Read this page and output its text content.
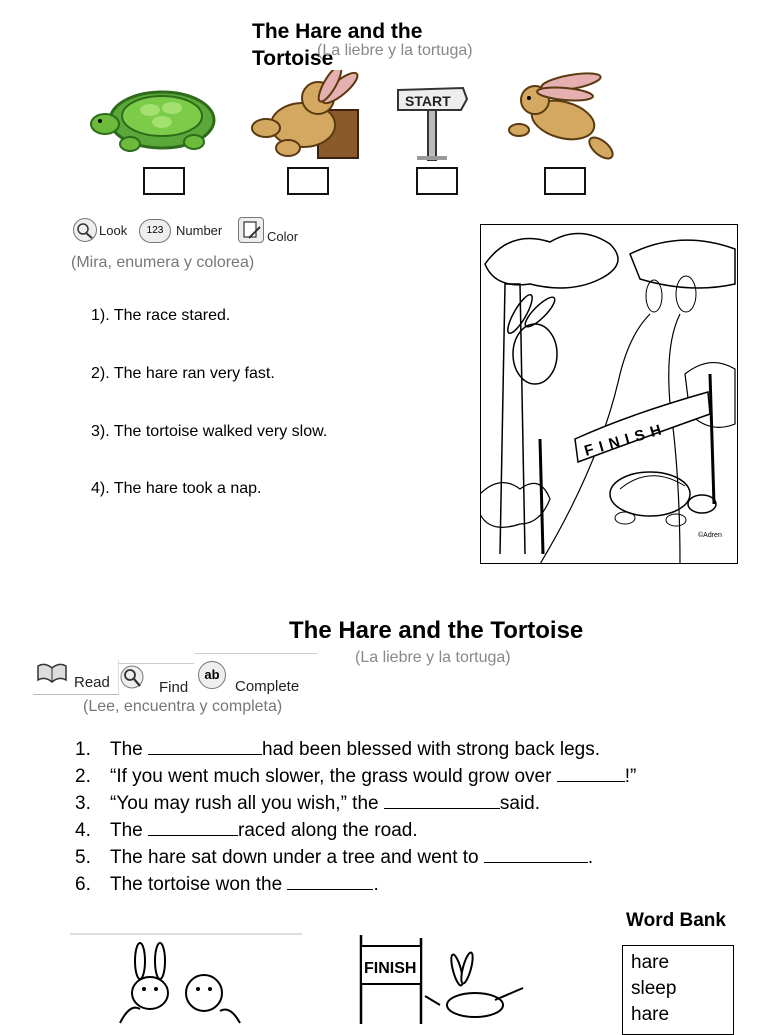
The Hare and the Tortoise
(La liebre y la tortuga)
START
Look	123 Number	Color
(Mira, enumera y colorea)
1). The race stared.
2). The hare ran very fast.
3). The tortoise walked very slow.
4). The hare took a nap.
FINISH
©Adren
The Hare and the Tortoise
(La liebre y la tortuga)
Read	Find
ab
Complete
(Lee, encuentra y completa)
1. The	had been blessed with strong back legs.
2. “If you went much slower, the grass would grow over	!”
3. “You may rush all you wish,” the	said.
4. The	raced along the road.
5. The hare sat down under a tree and went to	.
6. The tortoise won the	.
FINISH
Word Bank
hare
sleep
hare
